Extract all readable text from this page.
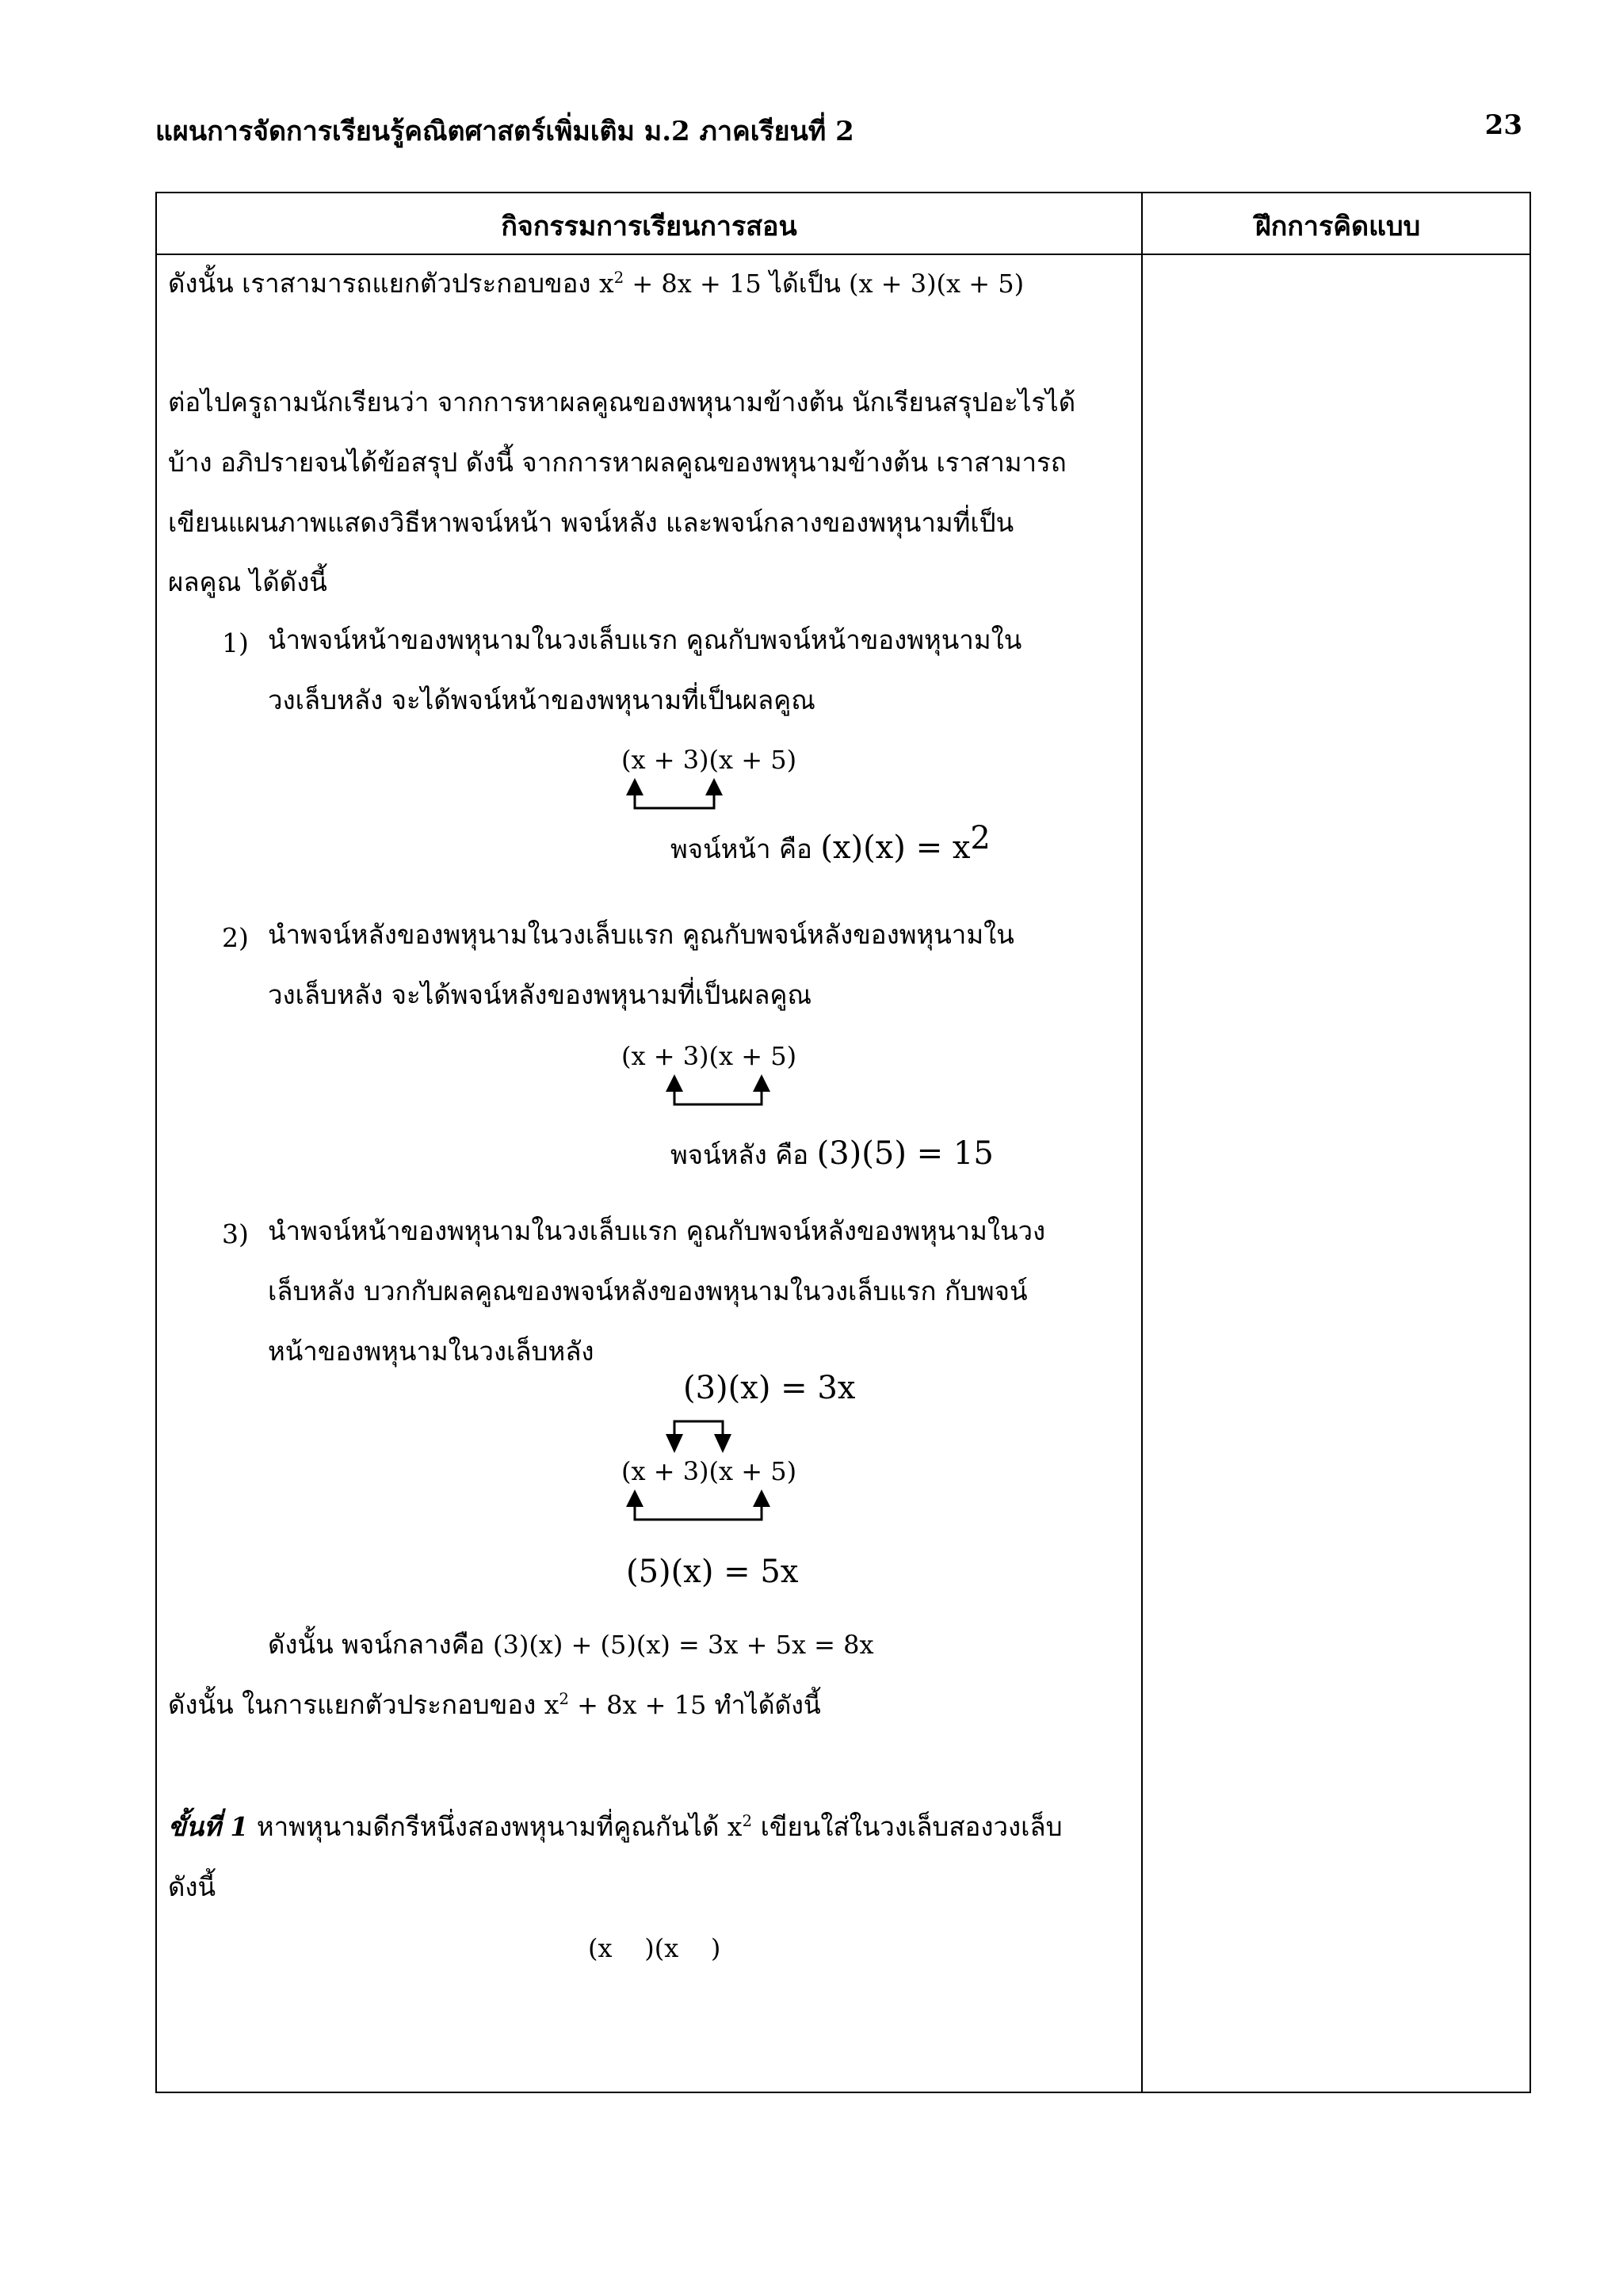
แผนการจัดการเรียนรู้คณิตศาสตร์เพิ่มเติม ม.2 ภาคเรียนที่ 2	23
กิจกรรมการเรียนการสอน	ฝึกการคิดแบบ
ดังนั้น เราสามารถแยกตัวประกอบของ $x^2 + 8x + 15$ ได้เป็น (x + 3)(x + 5)
ต่อไปครูถามนักเรียนว่า จากการหาผลคูณของพหุนามข้างต้น นักเรียนสรุปอะไรได้
บ้าง อภิปรายจนได้ข้อสรุป ดังนี้ จากการหาผลคูณของพหุนามข้างต้น เราสามารถ
เขียนแผนภาพแสดงวิธีหาพจน์หน้า พจน์หลัง และพจน์กลางของพหุนามที่เป็น
ผลคูณ ได้ดังนี้
1) นำพจน์หน้าของพหุนามในวงเล็บแรก คูณกับพจน์หน้าของพหุนามใน
วงเล็บหลัง จะได้พจน์หน้าของพหุนามที่เป็นผลคูณ
(x + 3)(x + 5)
พจน์หน้า คือ $(x)(x) = x^2$
2) นำพจน์หลังของพหุนามในวงเล็บแรก คูณกับพจน์หลังของพหุนามใน
วงเล็บหลัง จะได้พจน์หลังของพหุนามที่เป็นผลคูณ
(x + 3)(x + 5)
พจน์หลัง คือ (3)(5) = 15
3) นำพจน์หน้าของพหุนามในวงเล็บแรก คูณกับพจน์หลังของพหุนามในวง
เล็บหลัง บวกกับผลคูณของพจน์หลังของพหุนามในวงเล็บแรก กับพจน์
หน้าของพหุนามในวงเล็บหลัง
(3)(x) = 3x
(x + 3)(x + 5)
(5)(x) = 5x
ดังนั้น พจน์กลางคือ (3)(x) + (5)(x) = 3x + 5x = 8x
ดังนั้น ในการแยกตัวประกอบของ $x^2 + 8x + 15$ ทำได้ดังนี้
ขั้นที่ 1 หาพหุนามดีกรีหนึ่งสองพหุนามที่คูณกันได้ $x^2$ เขียนใส่ในวงเล็บสองวงเล็บ
ดังนี้
(x    )(x    )
